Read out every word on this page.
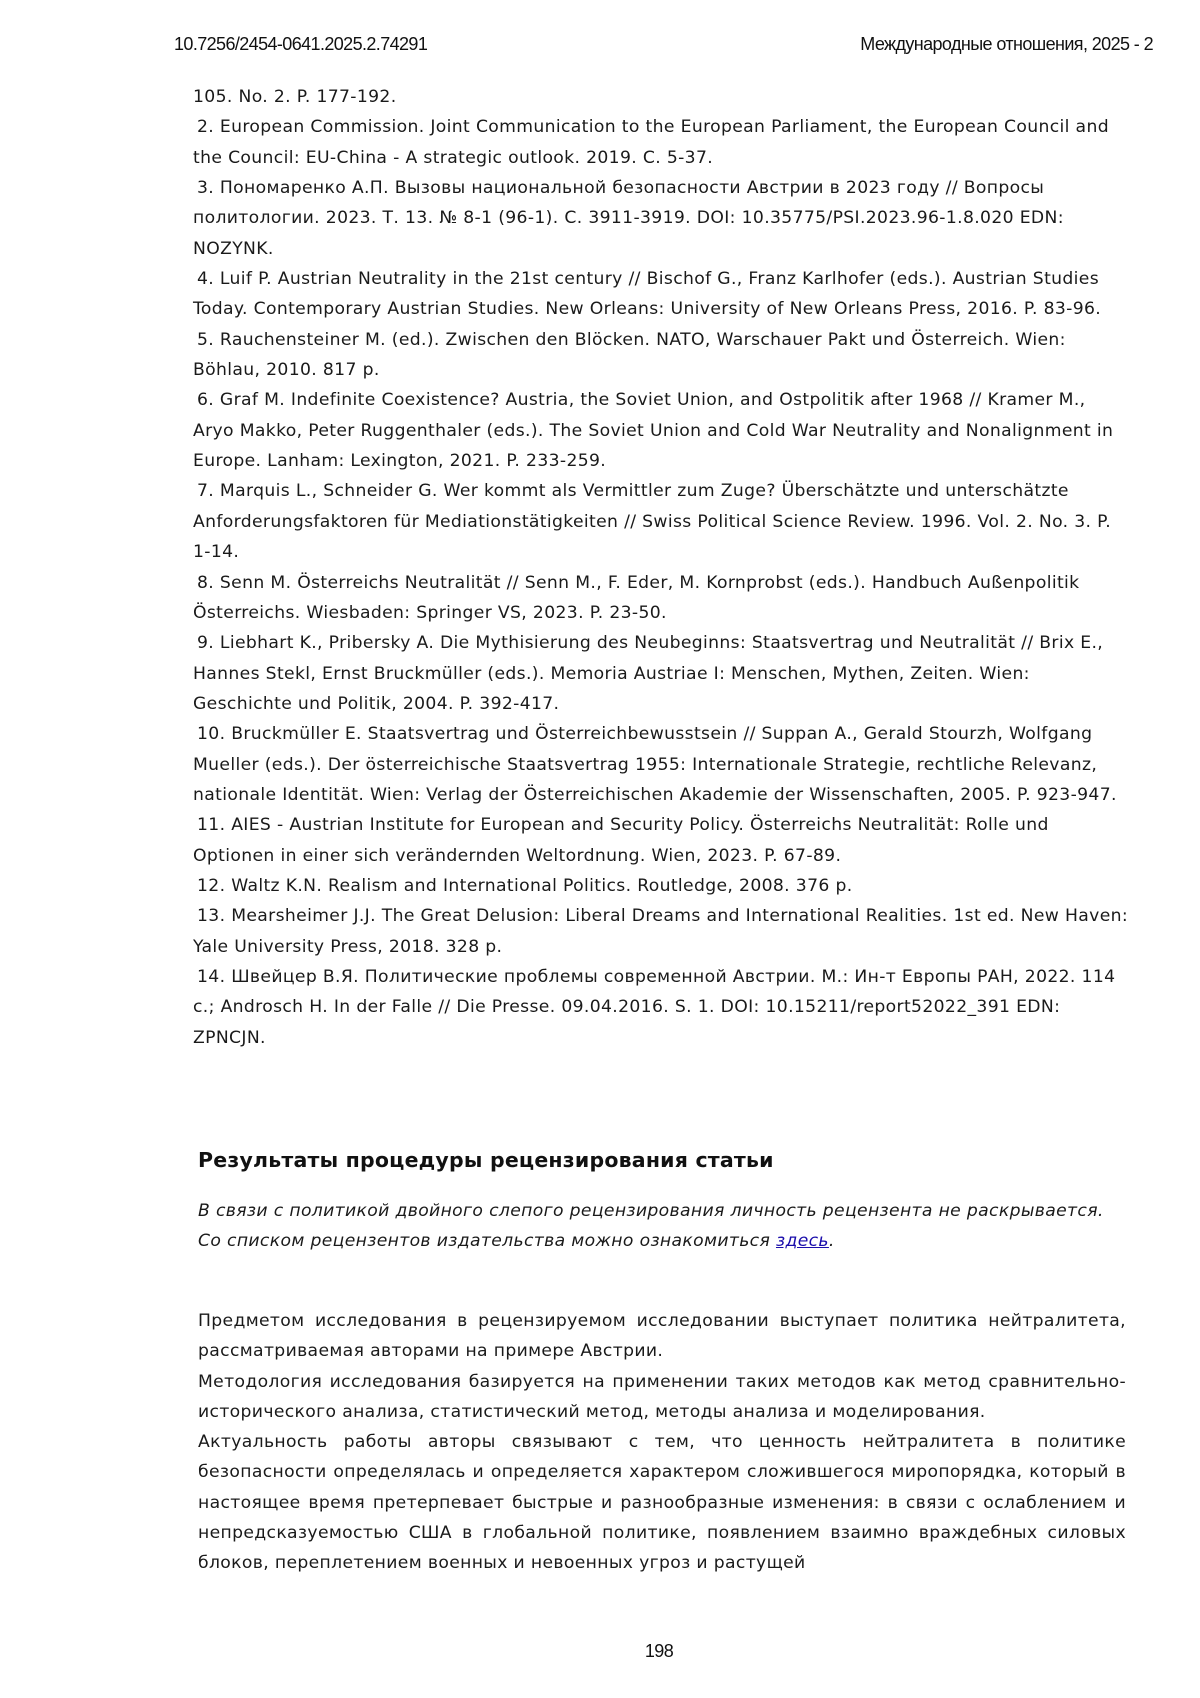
10.7256/2454-0641.2025.2.74291	Международные отношения, 2025 - 2

105. No. 2. P. 177-192.

2. European Commission. Joint Communication to the European Parliament, the European Council and the Council: EU-China - A strategic outlook. 2019. C. 5-37.

3. Пономаренко А.П. Вызовы национальной безопасности Австрии в 2023 году // Вопросы политологии. 2023. Т. 13. № 8-1 (96-1). С. 3911-3919. DOI: 10.35775/PSI.2023.96-1.8.020 EDN: NOZYNK.

4. Luif P. Austrian Neutrality in the 21st century // Bischof G., Franz Karlhofer (eds.). Austrian Studies Today. Contemporary Austrian Studies. New Orleans: University of New Orleans Press, 2016. P. 83-96.

5. Rauchensteiner M. (ed.). Zwischen den Blöcken. NATO, Warschauer Pakt und Österreich. Wien: Böhlau, 2010. 817 p.

6. Graf M. Indefinite Coexistence? Austria, the Soviet Union, and Ostpolitik after 1968 // Kramer M., Aryo Makko, Peter Ruggenthaler (eds.). The Soviet Union and Cold War Neutrality and Nonalignment in Europe. Lanham: Lexington, 2021. P. 233-259.

7. Marquis L., Schneider G. Wer kommt als Vermittler zum Zuge? Überschätzte und unterschätzte Anforderungsfaktoren für Mediationstätigkeiten // Swiss Political Science Review. 1996. Vol. 2. No. 3. P. 1-14.

8. Senn M. Österreichs Neutralität // Senn M., F. Eder, M. Kornprobst (eds.). Handbuch Außenpolitik Österreichs. Wiesbaden: Springer VS, 2023. P. 23-50.

9. Liebhart K., Pribersky A. Die Mythisierung des Neubeginns: Staatsvertrag und Neutralität // Brix E., Hannes Stekl, Ernst Bruckmüller (eds.). Memoria Austriae I: Menschen, Mythen, Zeiten. Wien: Geschichte und Politik, 2004. P. 392-417.

10. Bruckmüller E. Staatsvertrag und Österreichbewusstsein // Suppan A., Gerald Stourzh, Wolfgang Mueller (eds.). Der österreichische Staatsvertrag 1955: Internationale Strategie, rechtliche Relevanz, nationale Identität. Wien: Verlag der Österreichischen Akademie der Wissenschaften, 2005. P. 923-947.

11. AIES - Austrian Institute for European and Security Policy. Österreichs Neutralität: Rolle und Optionen in einer sich verändernden Weltordnung. Wien, 2023. P. 67-89.

12. Waltz K.N. Realism and International Politics. Routledge, 2008. 376 p.

13. Mearsheimer J.J. The Great Delusion: Liberal Dreams and International Realities. 1st ed. New Haven: Yale University Press, 2018. 328 p.

14. Швейцер В.Я. Политические проблемы современной Австрии. М.: Ин-т Европы РАН, 2022. 114 с.; Androsch H. In der Falle // Die Presse. 09.04.2016. S. 1. DOI: 10.15211/report52022_391 EDN: ZPNCJN.

Результаты процедуры рецензирования статьи

В связи с политикой двойного слепого рецензирования личность рецензента не раскрывается.

Со списком рецензентов издательства можно ознакомиться здесь.

Предметом исследования в рецензируемом исследовании выступает политика нейтралитета, рассматриваемая авторами на примере Австрии.

Методология исследования базируется на применении таких методов как метод сравнительно-исторического анализа, статистический метод, методы анализа и моделирования.

Актуальность работы авторы связывают с тем, что ценность нейтралитета в политике безопасности определялась и определяется характером сложившегося миропорядка, который в настоящее время претерпевает быстрые и разнообразные изменения: в связи с ослаблением и непредсказуемостью США в глобальной политике, появлением взаимно враждебных силовых блоков, переплетением военных и невоенных угроз и растущей

198
